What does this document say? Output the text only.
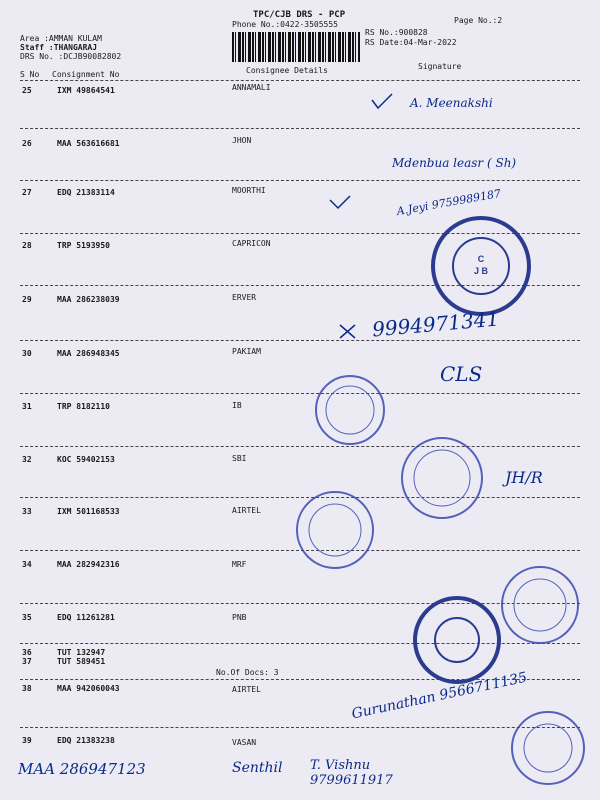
TPC/CJB DRS - PCP
Phone No.:0422-3505555	Page No.:2
RS No.:900828
RS Date:04-Mar-2022
Area :AMMAN KULAM
Staff :THANGARAJ
DRS No. :DCJB90082802
S No Consignment No	Consignee Details	Signature
25	IXM 49864541	ANNAMALI
26	MAA 563616681	JHON
27	EDQ 21383114	MOORTHI
28	TRP 5193950	CAPRICON
29	MAA 286238039	ERVER
30	MAA 286948345	PAKIAM
31	TRP 8182110	IB
32	KOC 59402153	SBI
33	IXM 501168533	AIRTEL
34	MAA 282942316	MRF
35	EDQ 11261281	PNB
36	TUT 132947
37	TUT 589451
No.Of Docs: 3
38	MAA 942060043	AIRTEL
39	EDQ 21383238	VASAN
C
J B
A. Meenakshi
Mdenbua leasr ( Sh)
A.Jeyi 9759989187
9994971341
CLS
JH/R
Gurunathan 9566711135
MAA 286947123	Senthil T. Vishnu 9799611917
